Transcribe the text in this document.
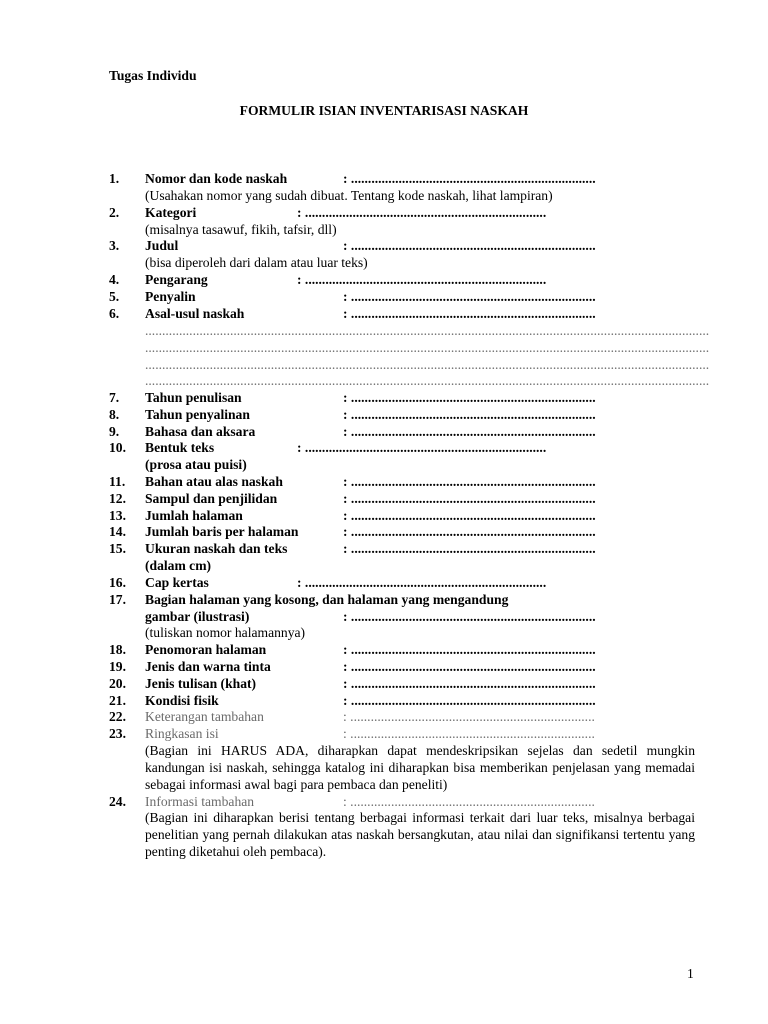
Tugas Individu
FORMULIR ISIAN INVENTARISASI NASKAH
1. Nomor dan kode naskah	: ........................................................................
(Usahakan nomor yang sudah dibuat. Tentang kode naskah, lihat lampiran)
2. Kategori	: .......................................................................
(misalnya tasawuf, fikih, tafsir, dll)
3. Judul	: ........................................................................
(bisa diperoleh dari dalam atau luar teks)
4. Pengarang	: .......................................................................
5. Penyalin	: ........................................................................
6. Asal-usul naskah	: ........................................................................
......................................................................................................................................................................
......................................................................................................................................................................
......................................................................................................................................................................
......................................................................................................................................................................
7. Tahun penulisan	: ........................................................................
8. Tahun penyalinan	: ........................................................................
9. Bahasa dan aksara	: ........................................................................
10. Bentuk teks	: .......................................................................
(prosa atau puisi)
11. Bahan atau alas naskah	: ........................................................................
12. Sampul dan penjilidan	: ........................................................................
13. Jumlah halaman	: ........................................................................
14. Jumlah baris per halaman	: ........................................................................
15. Ukuran naskah dan teks	: ........................................................................
(dalam cm)
16. Cap kertas	: .......................................................................
17. Bagian halaman yang kosong, dan halaman yang mengandung
gambar (ilustrasi)	: ........................................................................
(tuliskan nomor halamannya)
18. Penomoran halaman	: ........................................................................
19. Jenis dan warna tinta	: ........................................................................
20. Jenis tulisan (khat)	: ........................................................................
21. Kondisi fisik	: ........................................................................
22. Keterangan tambahan	: ........................................................................
23. Ringkasan isi	: ........................................................................
(Bagian ini HARUS ADA, diharapkan dapat mendeskripsikan sejelas dan sedetil mungkin kandungan isi naskah, sehingga katalog ini diharapkan bisa memberikan penjelasan yang memadai sebagai informasi awal bagi para pembaca dan peneliti)
24. Informasi tambahan	: ........................................................................
(Bagian ini diharapkan berisi tentang berbagai informasi terkait dari luar teks, misalnya berbagai penelitian yang pernah dilakukan atas naskah bersangkutan, atau nilai dan signifikansi tertentu yang penting diketahui oleh pembaca).
1
